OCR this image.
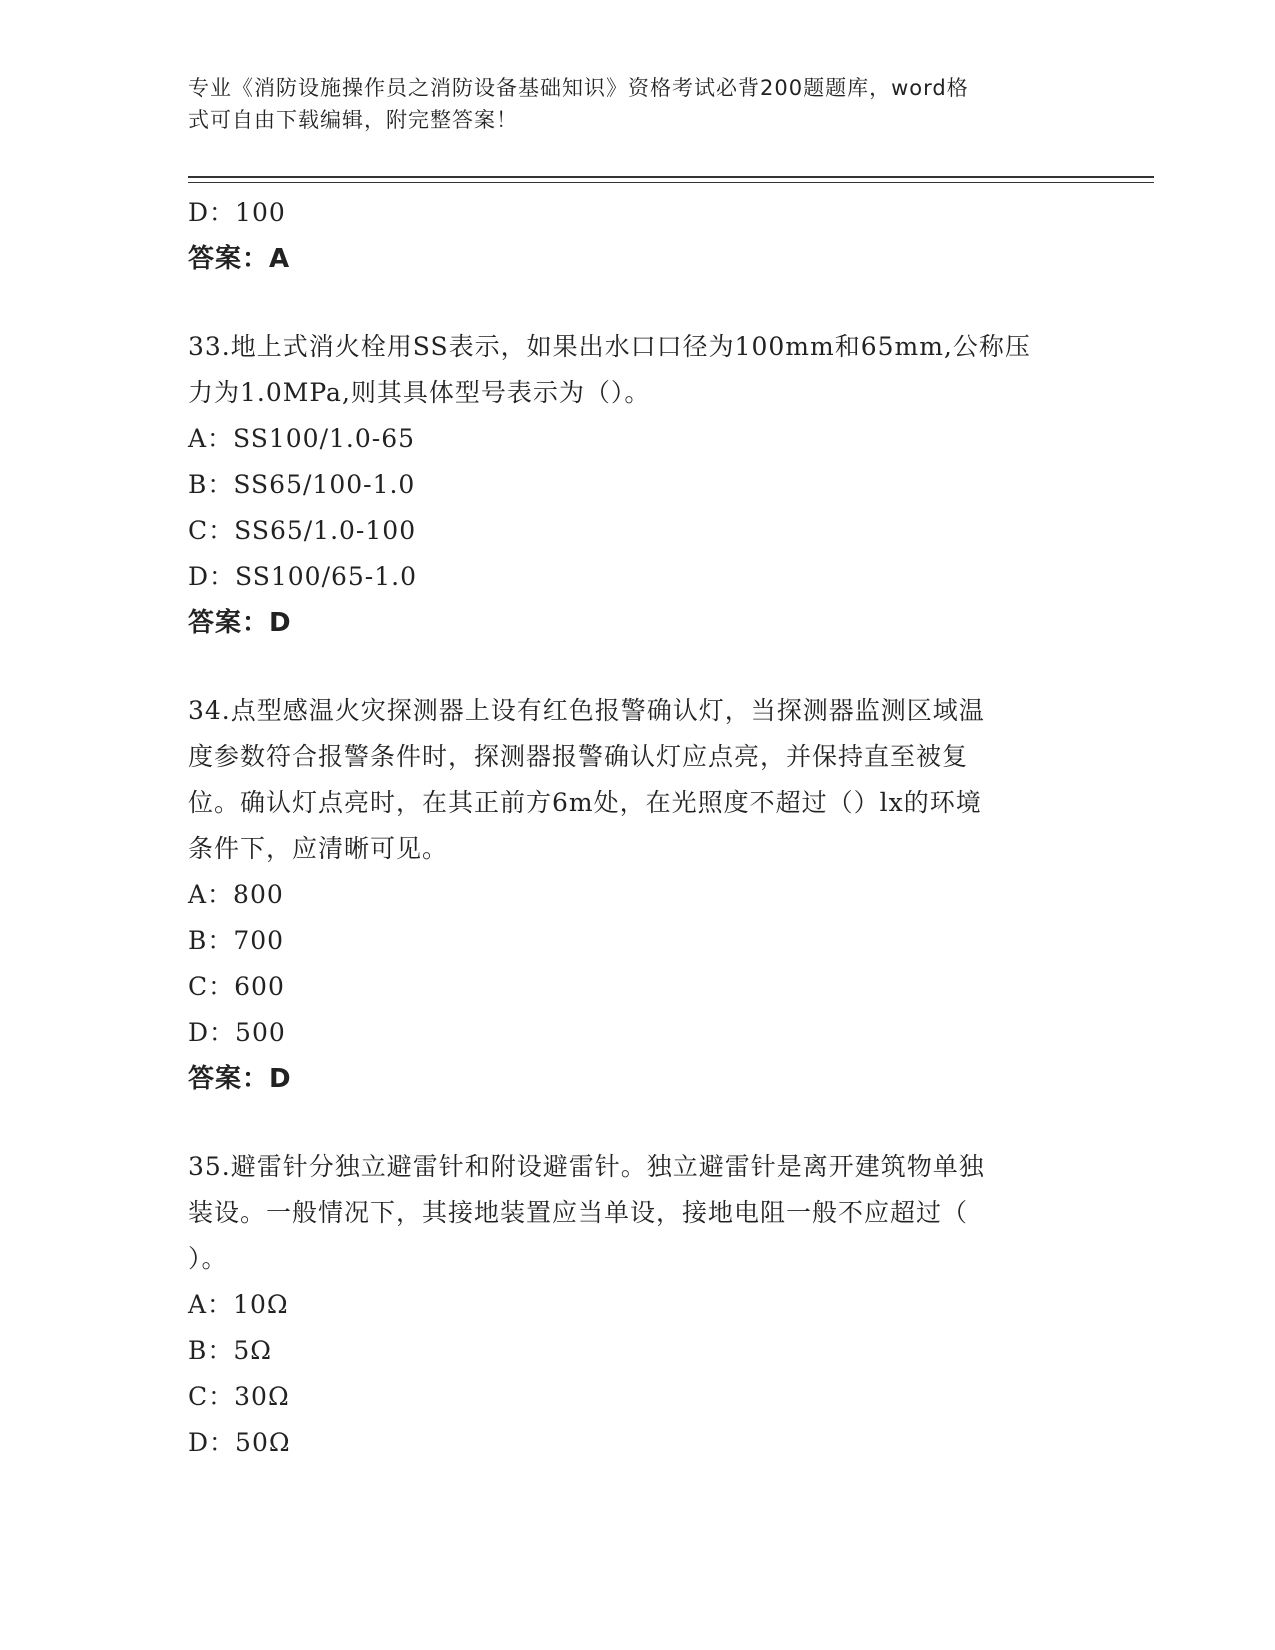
专业《消防设施操作员之消防设备基础知识》资格考试必背200题题库，word格
式可自由下载编辑，附完整答案！
D：100
答案：A
33.地上式消火栓用SS表示，如果出水口口径为100mm和65mm,公称压
力为1.0MPa,则其具体型号表示为（）。
A：SS100/1.0-65
B：SS65/100-1.0
C：SS65/1.0-100
D：SS100/65-1.0
答案：D
34.点型感温火灾探测器上设有红色报警确认灯，当探测器监测区域温
度参数符合报警条件时，探测器报警确认灯应点亮，并保持直至被复
位。确认灯点亮时，在其正前方6m处，在光照度不超过（）lx的环境
条件下，应清晰可见。
A：800
B：700
C：600
D：500
答案：D
35.避雷针分独立避雷针和附设避雷针。独立避雷针是离开建筑物单独
装设。一般情况下，其接地装置应当单设，接地电阻一般不应超过（
）。
A：10Ω
B：5Ω
C：30Ω
D：50Ω
